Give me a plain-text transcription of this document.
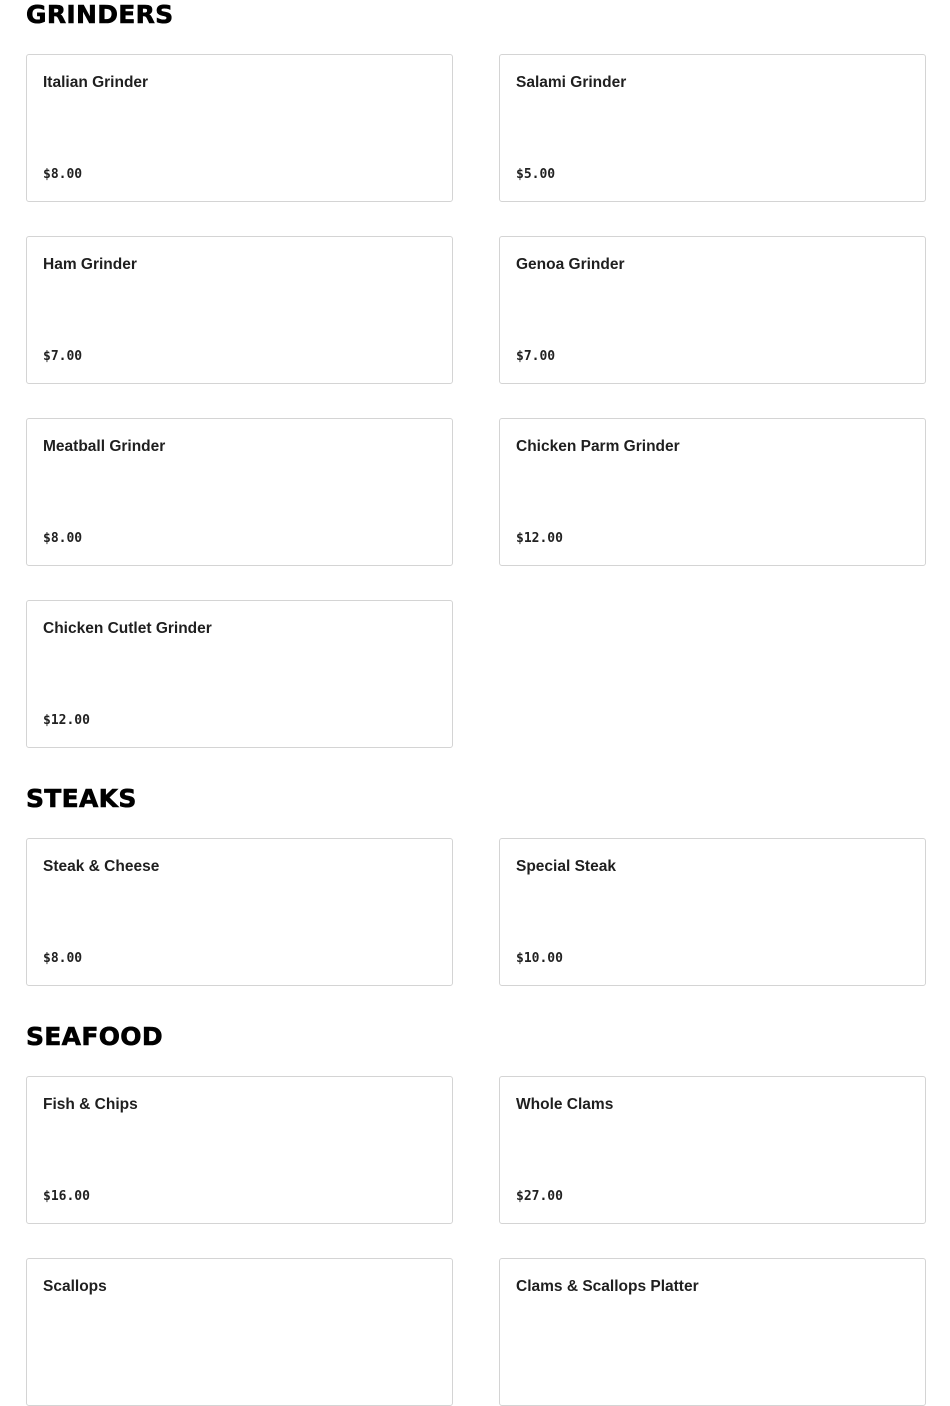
GRINDERS
Italian Grinder
$8.00
Salami Grinder
$5.00
Ham Grinder
$7.00
Genoa Grinder
$7.00
Meatball Grinder
$8.00
Chicken Parm Grinder
$12.00
Chicken Cutlet Grinder
$12.00
STEAKS
Steak & Cheese
$8.00
Special Steak
$10.00
SEAFOOD
Fish & Chips
$16.00
Whole Clams
$27.00
Scallops	Clams & Scallops Platter
